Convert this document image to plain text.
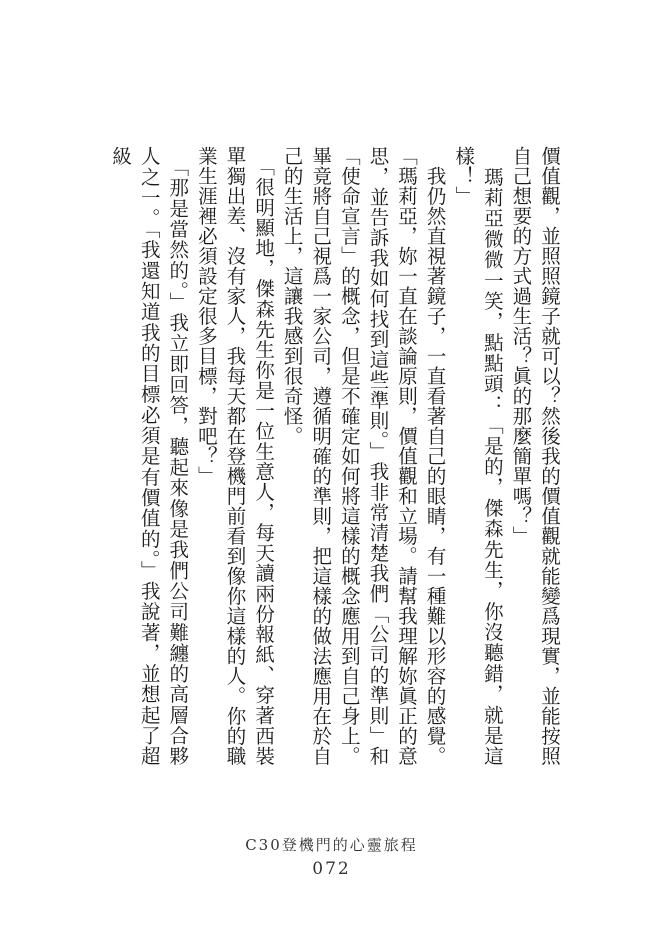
價值觀，並照照鏡子就可以？然後我的價值觀就能變爲現實，並能按照自己想要的方式過生活？眞的那麼簡單嗎？」

　瑪莉亞微微一笑，點點頭：「是的，傑森先生，你沒聽錯，就是這樣！」

　我仍然直視著鏡子，一直看著自己的眼睛，有一種難以形容的感覺。「瑪莉亞，妳一直在談論原則，價值觀和立場。請幫我理解妳眞正的意思，並告訴我如何找到這些準則。」我非常清楚我們「公司的準則」和「使命宣言」的概念，但是不確定如何將這樣的概念應用到自己身上。畢竟將自己視爲一家公司，遵循明確的準則，把這樣的做法應用在於自己的生活上，這讓我感到很奇怪。

　「很明顯地，傑森先生你是一位生意人，每天讀兩份報紙、穿著西裝單獨出差、沒有家人，我每天都在登機門前看到像你這樣的人。你的職業生涯裡必須設定很多目標，對吧？」

　「那是當然的。」我立即回答，聽起來像是我們公司難纏的高層合夥人之一。「我還知道我的目標必須是有價值的。」我說著，並想起了超級

C30登機門的心靈旅程
072
